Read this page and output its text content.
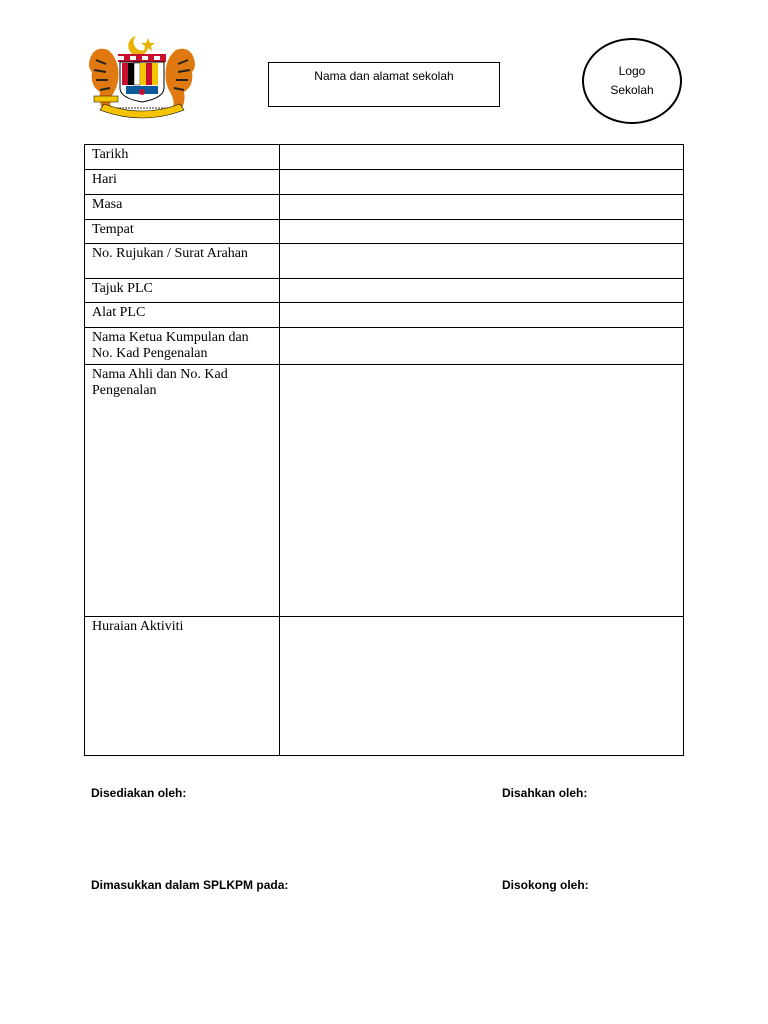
Nama dan alamat sekolah	Logo
Sekolah
Tarikh	
Hari	
Masa	
Tempat	
No. Rujukan / Surat Arahan	
Tajuk PLC	
Alat PLC	
Nama Ketua Kumpulan dan No. Kad Pengenalan	
Nama Ahli dan No. Kad Pengenalan	
Huraian Aktiviti	
Disediakan oleh:	Disahkan oleh:
Dimasukkan dalam SPLKPM pada:	Disokong oleh:
